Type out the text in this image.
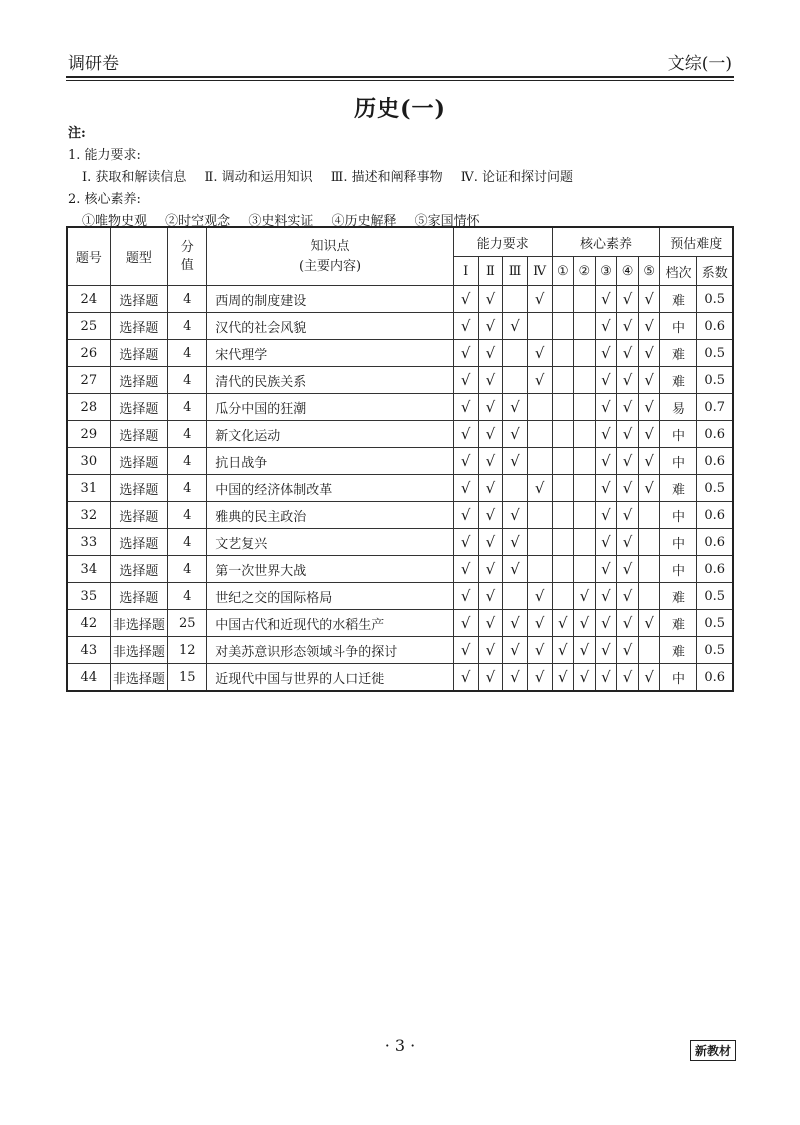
调研卷	文综(一)
历史(一)
注:
1. 能力要求:
Ⅰ. 获取和解读信息 Ⅱ. 调动和运用知识 Ⅲ. 描述和阐释事物 Ⅳ. 论证和探讨问题
2. 核心素养:
①唯物史观 ②时空观念 ③史料实证 ④历史解释 ⑤家国情怀
题号	题型	分值	知识点
(主要内容)	能力要求				核心素养					预估难度	
				Ⅰ	Ⅱ	Ⅲ	Ⅳ	①	②	③	④	⑤	档次	系数
24	选择题	4	西周的制度建设	√	√		√			√	√	√	难	0.5
25	选择题	4	汉代的社会风貌	√	√	√				√	√	√	中	0.6
26	选择题	4	宋代理学	√	√		√			√	√	√	难	0.5
27	选择题	4	清代的民族关系	√	√		√			√	√	√	难	0.5
28	选择题	4	瓜分中国的狂潮	√	√	√				√	√	√	易	0.7
29	选择题	4	新文化运动	√	√	√				√	√	√	中	0.6
30	选择题	4	抗日战争	√	√	√				√	√	√	中	0.6
31	选择题	4	中国的经济体制改革	√	√		√			√	√	√	难	0.5
32	选择题	4	雅典的民主政治	√	√	√				√	√		中	0.6
33	选择题	4	文艺复兴	√	√	√				√	√		中	0.6
34	选择题	4	第一次世界大战	√	√	√				√	√		中	0.6
35	选择题	4	世纪之交的国际格局	√	√		√		√	√	√		难	0.5
42	非选择题	25	中国古代和近现代的水稻生产	√	√	√	√	√	√	√	√	√	难	0.5
43	非选择题	12	对美苏意识形态领域斗争的探讨	√	√	√	√	√	√	√	√		难	0.5
44	非选择题	15	近现代中国与世界的人口迁徙	√	√	√	√	√	√	√	√	√	中	0.6
· 3 ·	新教材
